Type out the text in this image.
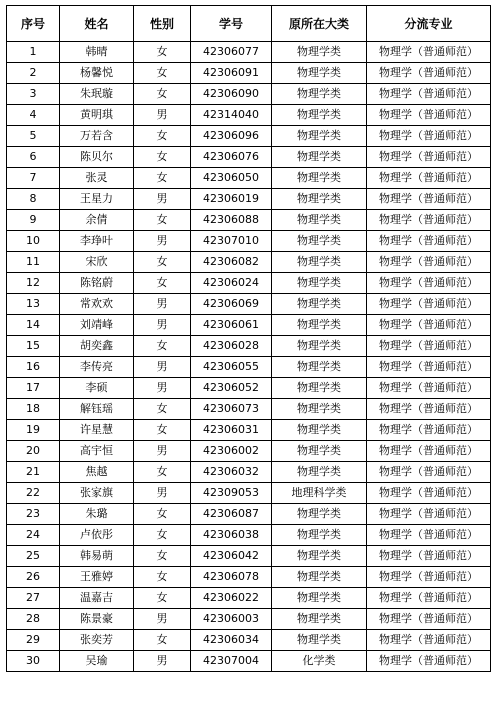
序号	姓名	性别	学号	原所在大类	分流专业
1	韩晴	女	42306077	物理学类	物理学（普通师范）
2	杨馨悦	女	42306091	物理学类	物理学（普通师范）
3	朱珉璇	女	42306090	物理学类	物理学（普通师范）
4	黄明琪	男	42314040	物理学类	物理学（普通师范）
5	万若含	女	42306096	物理学类	物理学（普通师范）
6	陈贝尔	女	42306076	物理学类	物理学（普通师范）
7	张灵	女	42306050	物理学类	物理学（普通师范）
8	王星力	男	42306019	物理学类	物理学（普通师范）
9	余倩	女	42306088	物理学类	物理学（普通师范）
10	李琤叶	男	42307010	物理学类	物理学（普通师范）
11	宋欣	女	42306082	物理学类	物理学（普通师范）
12	陈铭蔚	女	42306024	物理学类	物理学（普通师范）
13	常欢欢	男	42306069	物理学类	物理学（普通师范）
14	刘靖峰	男	42306061	物理学类	物理学（普通师范）
15	胡奕鑫	女	42306028	物理学类	物理学（普通师范）
16	李传亮	男	42306055	物理学类	物理学（普通师范）
17	李硕	男	42306052	物理学类	物理学（普通师范）
18	解钰瑶	女	42306073	物理学类	物理学（普通师范）
19	许星慧	女	42306031	物理学类	物理学（普通师范）
20	高宇恒	男	42306002	物理学类	物理学（普通师范）
21	焦越	女	42306032	物理学类	物理学（普通师范）
22	张家旗	男	42309053	地理科学类	物理学（普通师范）
23	朱璐	女	42306087	物理学类	物理学（普通师范）
24	卢依彤	女	42306038	物理学类	物理学（普通师范）
25	韩易萌	女	42306042	物理学类	物理学（普通师范）
26	王雅婷	女	42306078	物理学类	物理学（普通师范）
27	温嘉吉	女	42306022	物理学类	物理学（普通师范）
28	陈景豪	男	42306003	物理学类	物理学（普通师范）
29	张奕芳	女	42306034	物理学类	物理学（普通师范）
30	吴瑜	男	42307004	化学类	物理学（普通师范）
